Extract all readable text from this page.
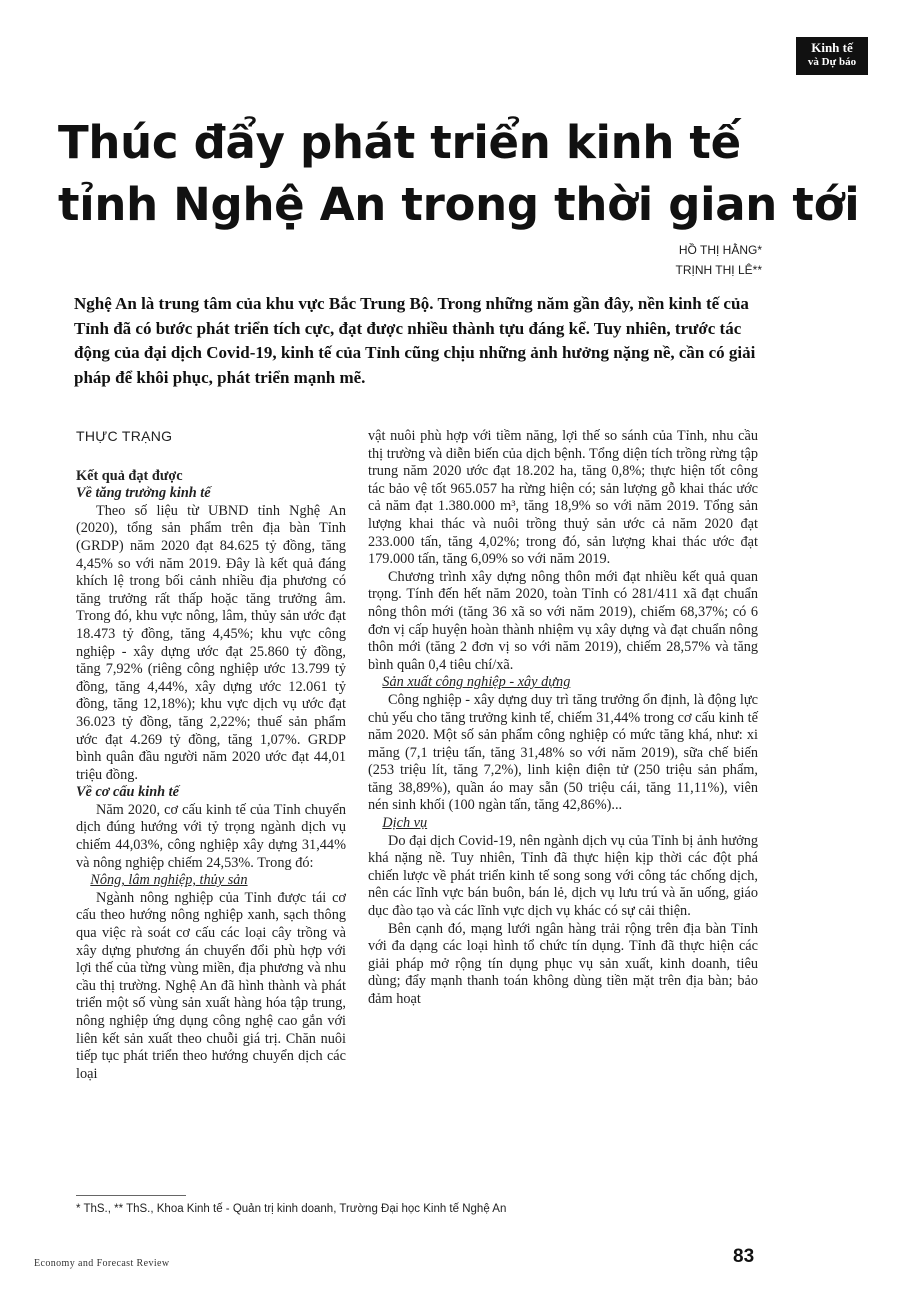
Kinh tế
và Dự báo
Thúc đẩy phát triển kinh tế
tỉnh Nghệ An trong thời gian tới
HỒ THỊ HẰNG*
TRỊNH THỊ LÊ**

Nghệ An là trung tâm của khu vực Bắc Trung Bộ. Trong những năm gần đây, nền kinh tế của Tỉnh đã có bước phát triển tích cực, đạt được nhiều thành tựu đáng kể. Tuy nhiên, trước tác động của đại dịch Covid-19, kinh tế của Tỉnh cũng chịu những ảnh hưởng nặng nề, cần có giải pháp để khôi phục, phát triển mạnh mẽ.

THỰC TRẠNG

Kết quả đạt được

Về tăng trưởng kinh tế

Theo số liệu từ UBND tỉnh Nghệ An (2020), tổng sản phẩm trên địa bàn Tỉnh (GRDP) năm 2020 đạt 84.625 tỷ đồng, tăng 4,45% so với năm 2019. Đây là kết quả đáng khích lệ trong bối cảnh nhiều địa phương có tăng trưởng rất thấp hoặc tăng trưởng âm. Trong đó, khu vực nông, lâm, thủy sản ước đạt 18.473 tỷ đồng, tăng 4,45%; khu vực công nghiệp - xây dựng ước đạt 25.860 tỷ đồng, tăng 7,92% (riêng công nghiệp ước 13.799 tỷ đồng, tăng 4,44%, xây dựng ước 12.061 tỷ đồng, tăng 12,18%); khu vực dịch vụ ước đạt 36.023 tỷ đồng, tăng 2,22%; thuế sản phẩm ước đạt 4.269 tỷ đồng, tăng 1,07%. GRDP bình quân đầu người năm 2020 ước đạt 44,01 triệu đồng.

Về cơ cấu kinh tế

Năm 2020, cơ cấu kinh tế của Tỉnh chuyển dịch đúng hướng với tỷ trọng ngành dịch vụ chiếm 44,03%, công nghiệp xây dựng 31,44% và nông nghiệp chiếm 24,53%. Trong đó:

Nông, lâm nghiệp, thủy sản

Ngành nông nghiệp của Tỉnh được tái cơ cấu theo hướng nông nghiệp xanh, sạch thông qua việc rà soát cơ cấu các loại cây trồng và xây dựng phương án chuyển đổi phù hợp với lợi thế của từng vùng miền, địa phương và nhu cầu thị trường. Nghệ An đã hình thành và phát triển một số vùng sản xuất hàng hóa tập trung, nông nghiệp ứng dụng công nghệ cao gắn với liên kết sản xuất theo chuỗi giá trị. Chăn nuôi tiếp tục phát triển theo hướng chuyển dịch các loại

vật nuôi phù hợp với tiềm năng, lợi thế so sánh của Tỉnh, nhu cầu thị trường và diễn biến của dịch bệnh. Tổng diện tích trồng rừng tập trung năm 2020 ước đạt 18.202 ha, tăng 0,8%; thực hiện tốt công tác bảo vệ tốt 965.057 ha rừng hiện có; sản lượng gỗ khai thác ước cả năm đạt 1.380.000 m³, tăng 18,9% so với năm 2019. Tổng sản lượng khai thác và nuôi trồng thuỷ sản ước cả năm 2020 đạt 233.000 tấn, tăng 4,02%; trong đó, sản lượng khai thác ước đạt 179.000 tấn, tăng 6,09% so với năm 2019.

Chương trình xây dựng nông thôn mới đạt nhiều kết quả quan trọng. Tính đến hết năm 2020, toàn Tỉnh có 281/411 xã đạt chuẩn nông thôn mới (tăng 36 xã so với năm 2019), chiếm 68,37%; có 6 đơn vị cấp huyện hoàn thành nhiệm vụ xây dựng và đạt chuẩn nông thôn mới (tăng 2 đơn vị so với năm 2019), chiếm 28,57% và tăng bình quân 0,4 tiêu chí/xã.

Sản xuất công nghiệp - xây dựng

Công nghiệp - xây dựng duy trì tăng trưởng ổn định, là động lực chủ yếu cho tăng trưởng kinh tế, chiếm 31,44% trong cơ cấu kinh tế năm 2020. Một số sản phẩm công nghiệp có mức tăng khá, như: xi măng (7,1 triệu tấn, tăng 31,48% so với năm 2019), sữa chế biến (253 triệu lít, tăng 7,2%), linh kiện điện tử (250 triệu sản phẩm, tăng 38,89%), quần áo may sẵn (50 triệu cái, tăng 11,11%), viên nén sinh khối (100 ngàn tấn, tăng 42,86%)...

Dịch vụ

Do đại dịch Covid-19, nên ngành dịch vụ của Tỉnh bị ảnh hưởng khá nặng nề. Tuy nhiên, Tỉnh đã thực hiện kịp thời các đột phá chiến lược về phát triển kinh tế song song với công tác chống dịch, nên các lĩnh vực bán buôn, bán lẻ, dịch vụ lưu trú và ăn uống, giáo dục đào tạo và các lĩnh vực dịch vụ khác có sự cải thiện.

Bên cạnh đó, mạng lưới ngân hàng trải rộng trên địa bàn Tỉnh với đa dạng các loại hình tổ chức tín dụng. Tỉnh đã thực hiện các giải pháp mở rộng tín dụng phục vụ sản xuất, kinh doanh, tiêu dùng; đẩy mạnh thanh toán không dùng tiền mặt trên địa bàn; bảo đảm hoạt

* ThS., ** ThS., Khoa Kinh tế - Quản trị kinh doanh, Trường Đại học Kinh tế Nghệ An
Economy and Forecast Review	83
